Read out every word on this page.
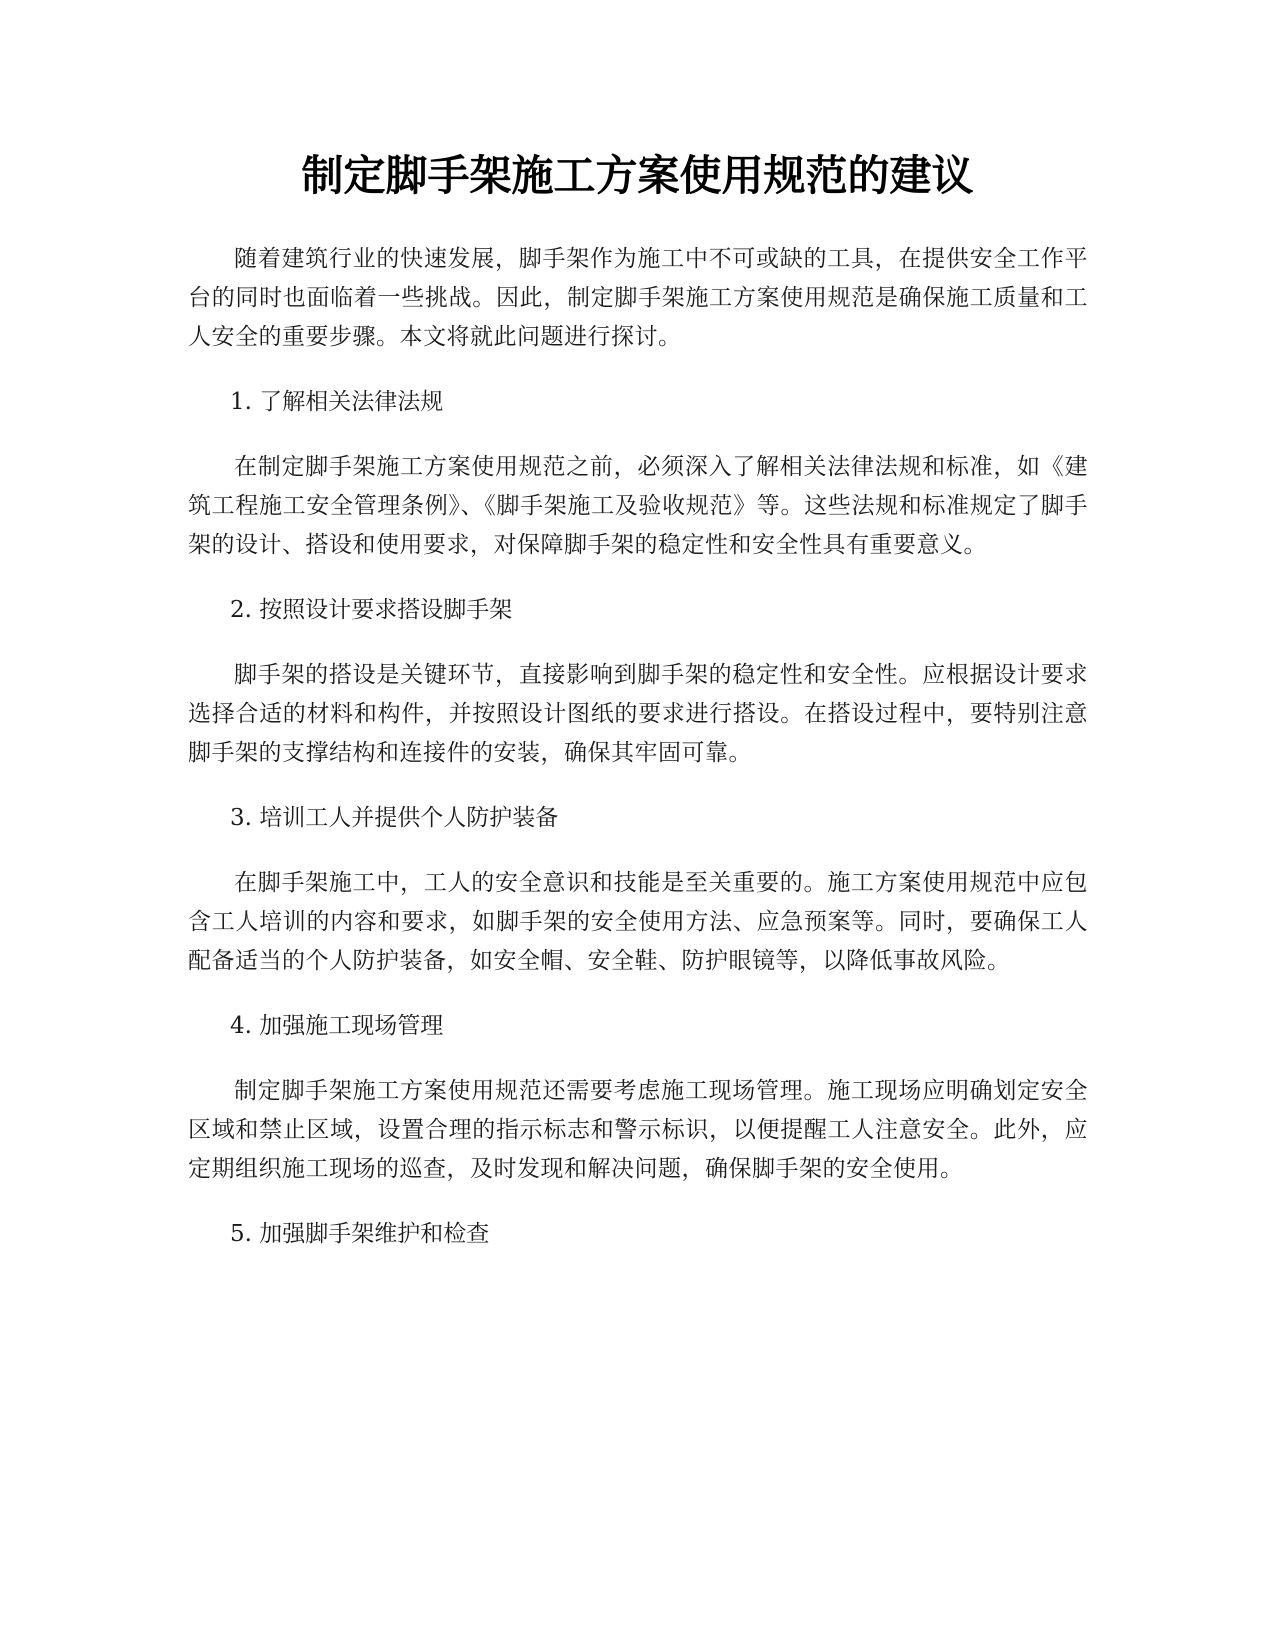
制定脚手架施工方案使用规范的建议

随着建筑行业的快速发展，脚手架作为施工中不可或缺的工具，在提供安全工作平台的同时也面临着一些挑战。因此，制定脚手架施工方案使用规范是确保施工质量和工人安全的重要步骤。本文将就此问题进行探讨。

1. 了解相关法律法规

在制定脚手架施工方案使用规范之前，必须深入了解相关法律法规和标准，如《建筑工程施工安全管理条例》、《脚手架施工及验收规范》等。这些法规和标准规定了脚手架的设计、搭设和使用要求，对保障脚手架的稳定性和安全性具有重要意义。

2. 按照设计要求搭设脚手架

脚手架的搭设是关键环节，直接影响到脚手架的稳定性和安全性。应根据设计要求选择合适的材料和构件，并按照设计图纸的要求进行搭设。在搭设过程中，要特别注意脚手架的支撑结构和连接件的安装，确保其牢固可靠。

3. 培训工人并提供个人防护装备

在脚手架施工中，工人的安全意识和技能是至关重要的。施工方案使用规范中应包含工人培训的内容和要求，如脚手架的安全使用方法、应急预案等。同时，要确保工人配备适当的个人防护装备，如安全帽、安全鞋、防护眼镜等，以降低事故风险。

4. 加强施工现场管理

制定脚手架施工方案使用规范还需要考虑施工现场管理。施工现场应明确划定安全区域和禁止区域，设置合理的指示标志和警示标识，以便提醒工人注意安全。此外，应定期组织施工现场的巡查，及时发现和解决问题，确保脚手架的安全使用。

5. 加强脚手架维护和检查
